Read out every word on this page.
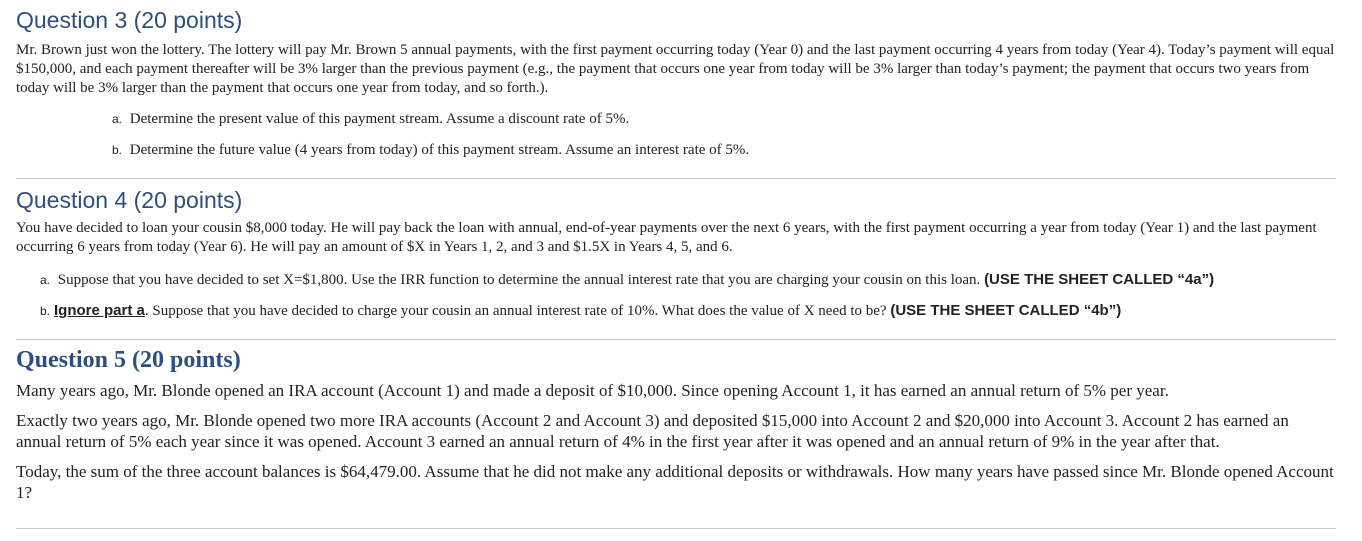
Question 3 (20 points)

Mr. Brown just won the lottery. The lottery will pay Mr. Brown 5 annual payments, with the first payment occurring today (Year 0) and the last payment occurring 4 years from today (Year 4). Today’s payment will equal $150,000, and each payment thereafter will be 3% larger than the previous payment (e.g., the payment that occurs one year from today will be 3% larger than today’s payment; the payment that occurs two years from today will be 3% larger than the payment that occurs one year from today, and so forth.).

a. Determine the present value of this payment stream. Assume a discount rate of 5%.

b. Determine the future value (4 years from today) of this payment stream. Assume an interest rate of 5%.

Question 4 (20 points)

You have decided to loan your cousin $8,000 today. He will pay back the loan with annual, end-of-year payments over the next 6 years, with the first payment occurring a year from today (Year 1) and the last payment occurring 6 years from today (Year 6). He will pay an amount of $X in Years 1, 2, and 3 and $1.5X in Years 4, 5, and 6.

a. Suppose that you have decided to set X=$1,800. Use the IRR function to determine the annual interest rate that you are charging your cousin on this loan. (USE THE SHEET CALLED “4a”)

b. Ignore part a. Suppose that you have decided to charge your cousin an annual interest rate of 10%. What does the value of X need to be? (USE THE SHEET CALLED “4b”)

Question 5 (20 points)

Many years ago, Mr. Blonde opened an IRA account (Account 1) and made a deposit of $10,000. Since opening Account 1, it has earned an annual return of 5% per year.

Exactly two years ago, Mr. Blonde opened two more IRA accounts (Account 2 and Account 3) and deposited $15,000 into Account 2 and $20,000 into Account 3. Account 2 has earned an annual return of 5% each year since it was opened. Account 3 earned an annual return of 4% in the first year after it was opened and an annual return of 9% in the year after that.

Today, the sum of the three account balances is $64,479.00. Assume that he did not make any additional deposits or withdrawals. How many years have passed since Mr. Blonde opened Account 1?
